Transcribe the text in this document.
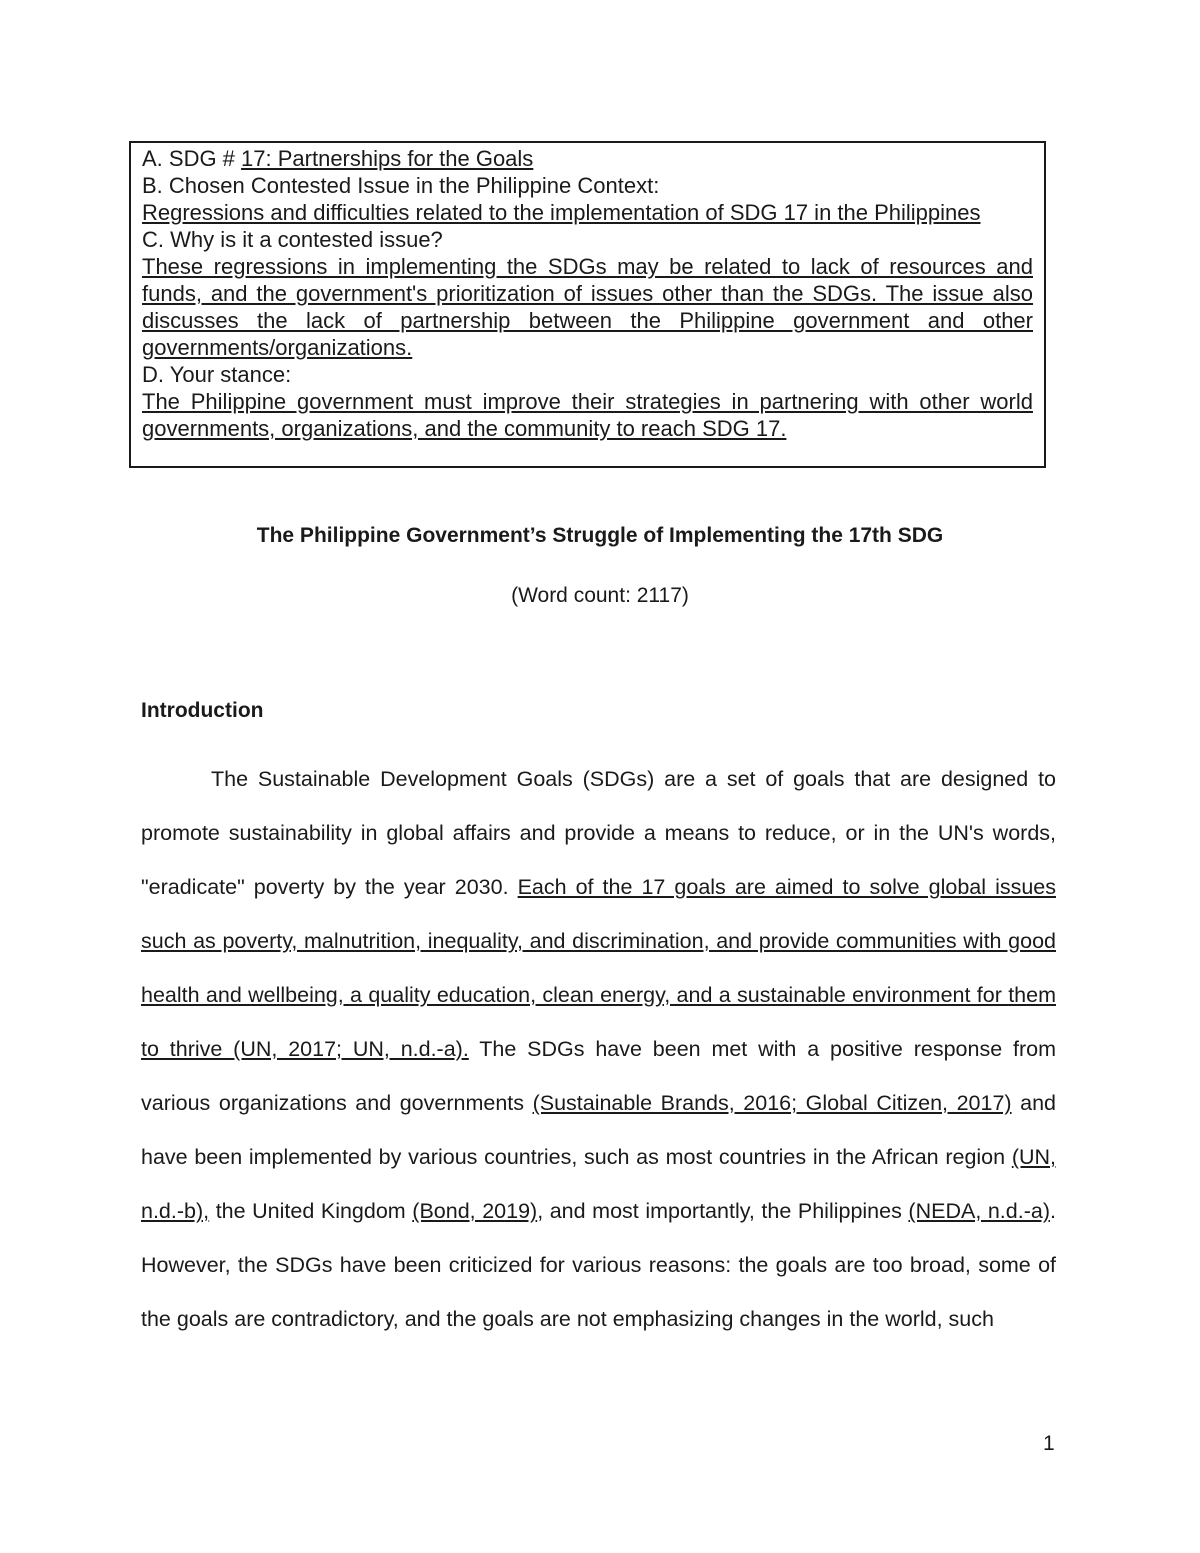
A. SDG # 17: Partnerships for the Goals

B. Chosen Contested Issue in the Philippine Context:

Regressions and difficulties related to the implementation of SDG 17 in the Philippines

C. Why is it a contested issue?

These regressions in implementing the SDGs may be related to lack of resources and funds, and the government's prioritization of issues other than the SDGs. The issue also discusses the lack of partnership between the Philippine government and other governments/organizations.

D. Your stance:

The Philippine government must improve their strategies in partnering with other world governments, organizations, and the community to reach SDG 17.

The Philippine Government’s Struggle of Implementing the 17th SDG

(Word count: 2117)

Introduction

The Sustainable Development Goals (SDGs) are a set of goals that are designed to promote sustainability in global affairs and provide a means to reduce, or in the UN's words, "eradicate" poverty by the year 2030. Each of the 17 goals are aimed to solve global issues such as poverty, malnutrition, inequality, and discrimination, and provide communities with good health and wellbeing, a quality education, clean energy, and a sustainable environment for them to thrive (UN, 2017; UN, n.d.-a). The SDGs have been met with a positive response from various organizations and governments (Sustainable Brands, 2016; Global Citizen, 2017) and have been implemented by various countries, such as most countries in the African region (UN, n.d.-b), the United Kingdom (Bond, 2019), and most importantly, the Philippines (NEDA, n.d.-a). However, the SDGs have been criticized for various reasons: the goals are too broad, some of the goals are contradictory, and the goals are not emphasizing changes in the world, such

1
